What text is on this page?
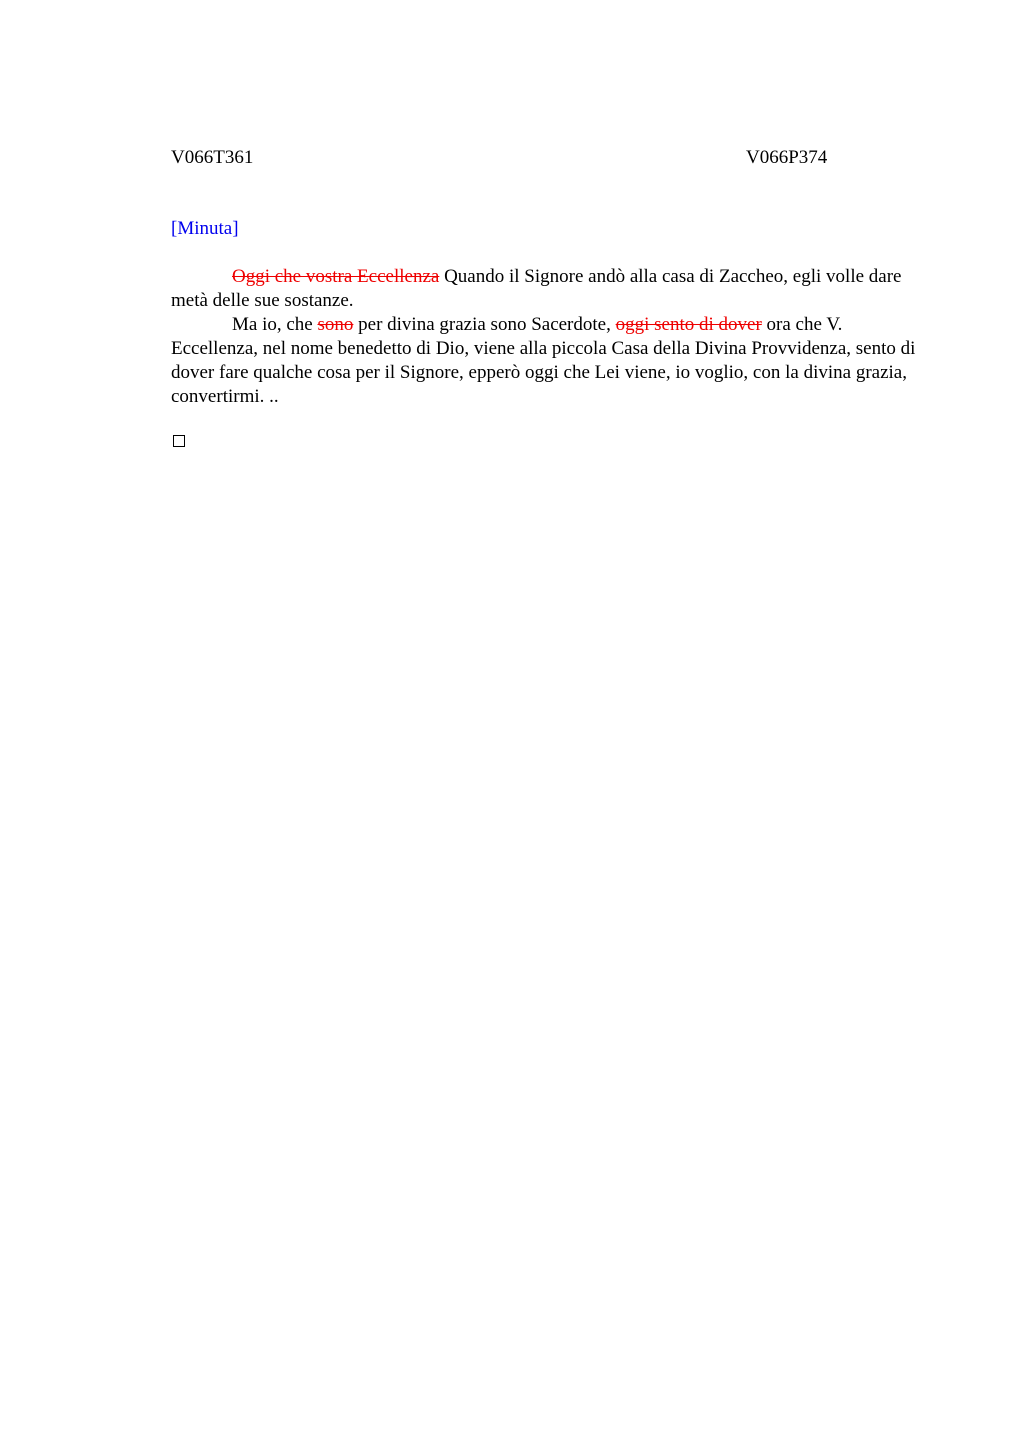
V066T361	V066P374
[Minuta]

Oggi che vostra Eccellenza Quando il Signore andò alla casa di Zaccheo, egli volle dare metà delle sue sostanze.

Ma io, che sono per divina grazia sono Sacerdote, oggi sento di dover ora che V. Eccellenza, nel nome benedetto di Dio, viene alla piccola Casa della Divina Provvidenza, sento di dover fare qualche cosa per il Signore, epperò oggi che Lei viene, io voglio, con la divina grazia, convertirmi. ..
